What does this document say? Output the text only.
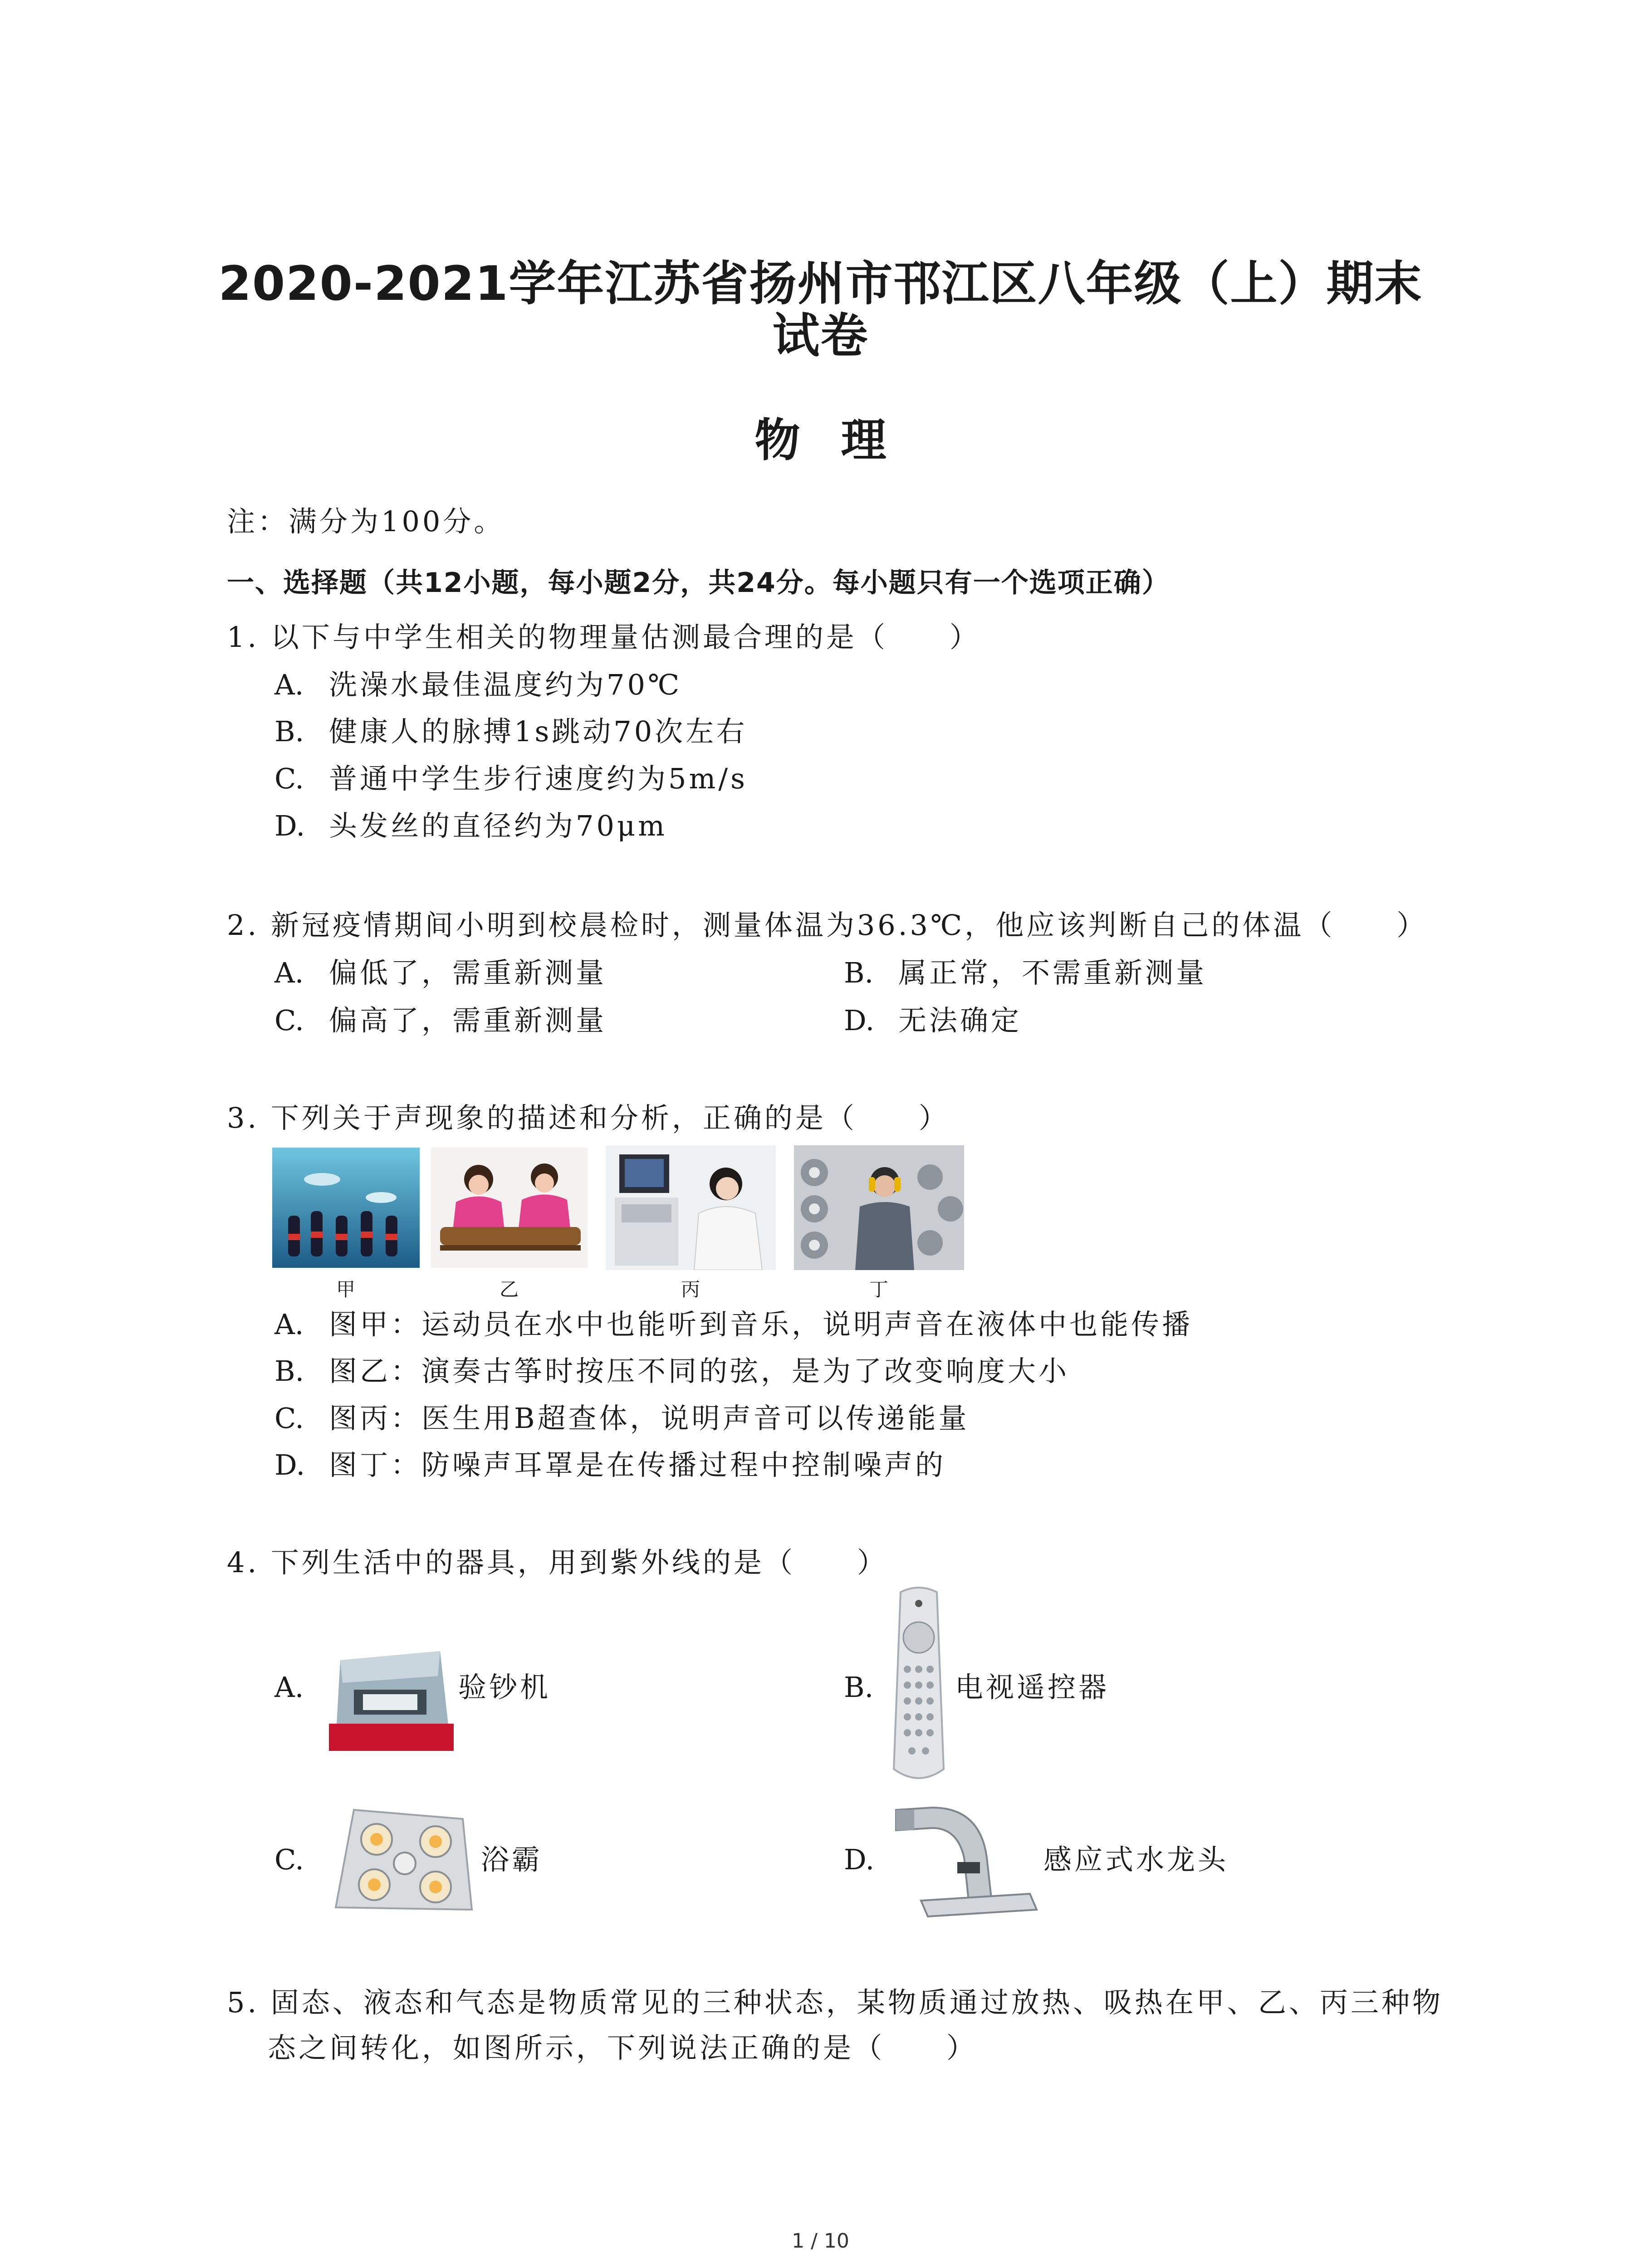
2020-2021学年江苏省扬州市邗江区八年级（上）期末
试卷
物理
注：满分为100分。
一、选择题（共12小题，每小题2分，共24分。每小题只有一个选项正确）
1. 以下与中学生相关的物理量估测最合理的是（　　）
A. 洗澡水最佳温度约为70℃
B. 健康人的脉搏1s跳动70次左右
C. 普通中学生步行速度约为5m/s
D. 头发丝的直径约为70μm
2. 新冠疫情期间小明到校晨检时，测量体温为36.3℃，他应该判断自己的体温（　　）
A. 偏低了，需重新测量	B. 属正常，不需重新测量
C. 偏高了，需重新测量	D. 无法确定
3. 下列关于声现象的描述和分析，正确的是（　　）
甲	乙	丙	丁
A. 图甲：运动员在水中也能听到音乐，说明声音在液体中也能传播
B. 图乙：演奏古筝时按压不同的弦，是为了改变响度大小
C. 图丙：医生用B超查体，说明声音可以传递能量
D. 图丁：防噪声耳罩是在传播过程中控制噪声的
4. 下列生活中的器具，用到紫外线的是（　　）
A.	验钞机	B.	电视遥控器
C.	浴霸	D.	感应式水龙头
5. 固态、液态和气态是物质常见的三种状态，某物质通过放热、吸热在甲、乙、丙三种物
态之间转化，如图所示，下列说法正确的是（　　）
1 / 10
